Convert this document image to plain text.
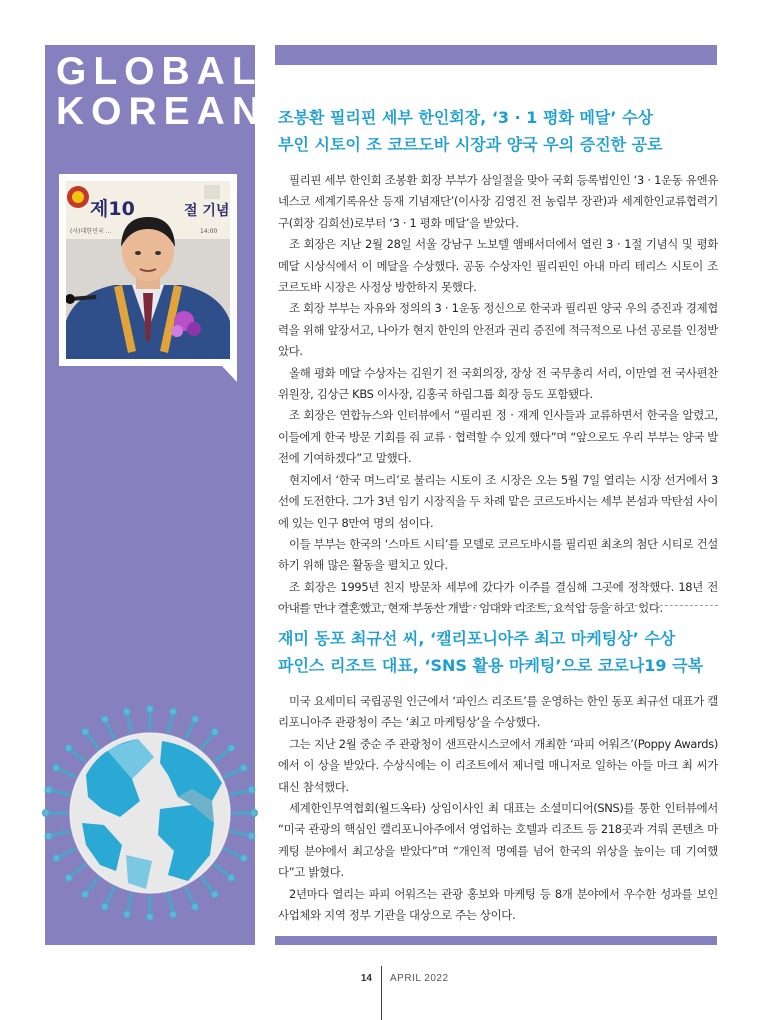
GLOBAL
KOREAN
제10	절 기념
(사)대한민국 ...	14:00
조봉환 필리핀 세부 한인회장, ‘3 · 1 평화 메달’ 수상
부인 시토이 조 코르도바 시장과 양국 우의 증진한 공로

필리핀 세부 한인회 조봉환 회장 부부가 삼일절을 맞아 국회 등록법인인 ‘3 · 1운동 유엔유네스코 세계기록유산 등재 기념재단’(이사장 김영진 전 농림부 장관)과 세계한인교류협력기구(회장 김희선)로부터 ‘3 · 1 평화 메달’을 받았다.

조 회장은 지난 2월 28일 서울 강남구 노보텔 앰배서더에서 열린 3 · 1절 기념식 및 평화 메달 시상식에서 이 메달을 수상했다. 공동 수상자인 필리핀인 아내 마리 테리스 시토이 조 코르도바 시장은 사정상 방한하지 못했다.

조 회장 부부는 자유와 정의의 3 · 1운동 정신으로 한국과 필리핀 양국 우의 증진과 경제협력을 위해 앞장서고, 나아가 현지 한인의 안전과 권리 증진에 적극적으로 나선 공로를 인정받았다.

올해 평화 메달 수상자는 김원기 전 국회의장, 장상 전 국무총리 서리, 이만열 전 국사편찬위원장, 김상근 KBS 이사장, 김홍국 하림그룹 회장 등도 포함됐다.

조 회장은 연합뉴스와 인터뷰에서 “필리핀 정 · 재계 인사들과 교류하면서 한국을 알렸고, 이들에게 한국 방문 기회를 줘 교류 · 협력할 수 있게 했다”며 “앞으로도 우리 부부는 양국 발전에 기여하겠다”고 말했다.

현지에서 ‘한국 며느리’로 불리는 시토이 조 시장은 오는 5월 7일 열리는 시장 선거에서 3선에 도전한다. 그가 3년 임기 시장직을 두 차례 맡은 코르도바시는 세부 본섬과 막탄섬 사이에 있는 인구 8만여 명의 섬이다.

이들 부부는 한국의 ‘스마트 시티’를 모델로 코르도바시를 필리핀 최초의 첨단 시티로 건설하기 위해 많은 활동을 펼치고 있다.

조 회장은 1995년 친지 방문차 세부에 갔다가 이주를 결심해 그곳에 정착했다. 18년 전 아내를 만나 결혼했고, 현재 부동산 개발 · 임대와 리조트, 요식업 등을 하고 있다.

재미 동포 최규선 씨, ‘캘리포니아주 최고 마케팅상’ 수상
파인스 리조트 대표, ‘SNS 활용 마케팅’으로 코로나19 극복

미국 요세미티 국립공원 인근에서 ‘파인스 리조트’를 운영하는 한인 동포 최규선 대표가 캘리포니아주 관광청이 주는 ‘최고 마케팅상’을 수상했다.

그는 지난 2월 중순 주 관광청이 샌프란시스코에서 개최한 ‘파피 어워즈’(Poppy Awards)에서 이 상을 받았다. 수상식에는 이 리조트에서 제너럴 매니저로 일하는 아들 마크 최 씨가 대신 참석했다.

세계한인무역협회(월드옥타) 상임이사인 최 대표는 소셜미디어(SNS)를 통한 인터뷰에서 “미국 관광의 핵심인 캘리포니아주에서 영업하는 호텔과 리조트 등 218곳과 겨뤄 콘텐츠 마케팅 분야에서 최고상을 받았다”며 “개인적 명예를 넘어 한국의 위상을 높이는 데 기여했다”고 밝혔다.

2년마다 열리는 파피 어워즈는 관광 홍보와 마케팅 등 8개 분야에서 우수한 성과를 보인 사업체와 지역 정부 기관을 대상으로 주는 상이다.

14 APRIL 2022
